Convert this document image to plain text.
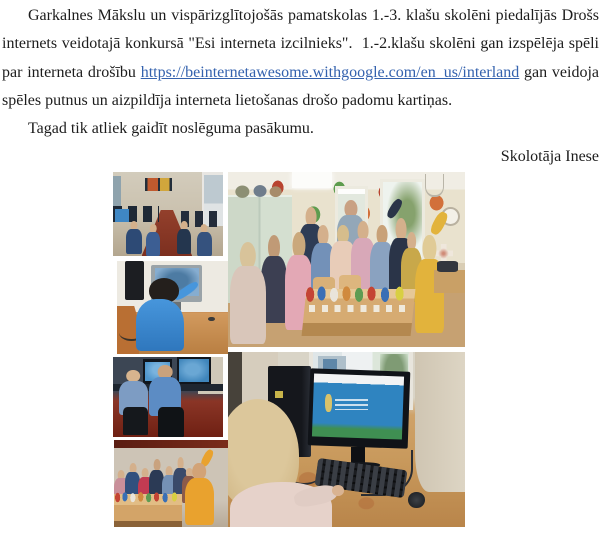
Garkalnes Mākslu un vispārizglītojošās pamatskolas 1.-3. klašu skolēni piedalījās Drošs internets veidotajā konkursā "Esi interneta izcilnieks".  1.-2.klašu skolēni gan izspēlēja spēli par interneta drošību https://beinternetawesome.withgoogle.com/en_us/interland gan veidoja spēles putnus un aizpildīja interneta lietošanas drošo padomu kartiņas.

Tagad tik atliek gaidīt noslēguma pasākumu.

Skolotāja Inese
